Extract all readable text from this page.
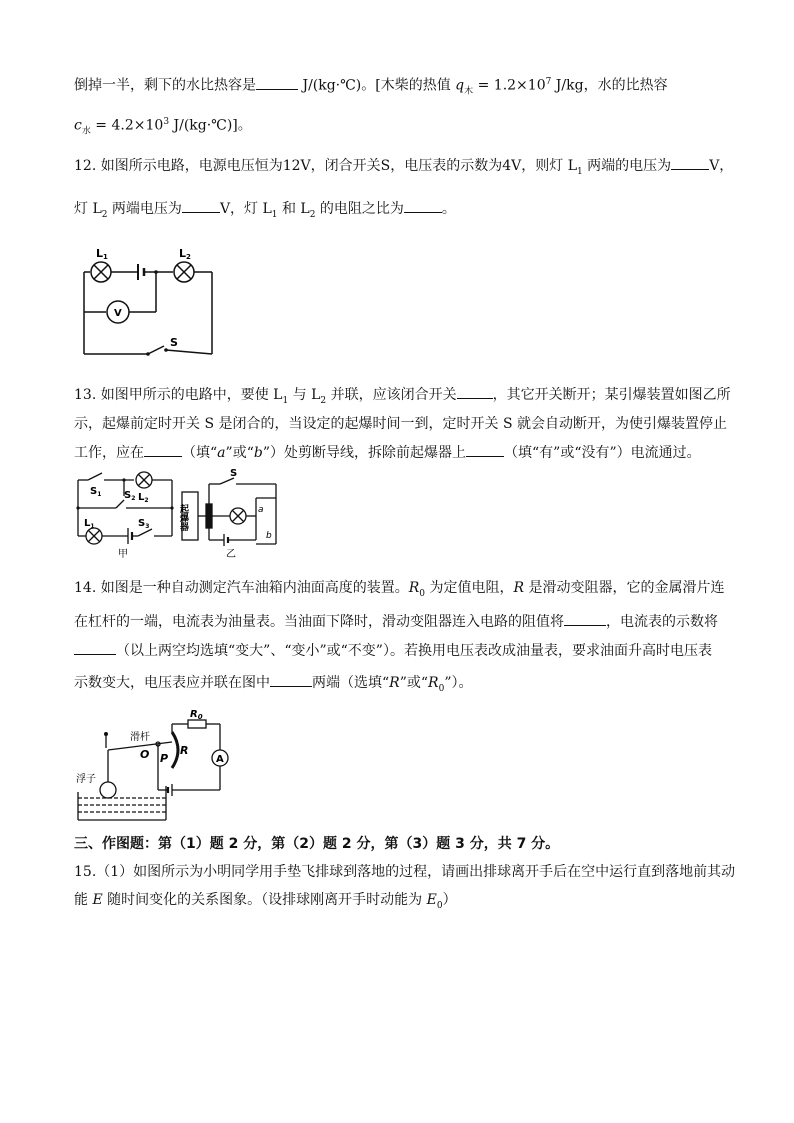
倒掉一半，剩下的水比热容是	J/(kg·℃)。[木柴的热值 $q_木 = 1.2\times 10^7$ J/kg，水的比热容
$c_水 = 4.2\times 10^3$ J/(kg·℃)]。
12. 如图所示电路，电源电压恒为12V，闭合开关S，电压表的示数为4V，则灯 $L_1$ 两端的电压为	V，
灯 $L_2$ 两端电压为	V，灯 $L_1$ 和 $L_2$ 的电阻之比为	。
L1	L2
V
S
13. 如图甲所示的电路中，要使 $L_1$ 与 $L_2$ 并联，应该闭合开关	，其它开关断开；某引爆装置如图乙所
示，起爆前定时开关 S 是闭合的，当设定的起爆时间一到，定时开关 S 就会自动断开，为使引爆装置停止
工作，应在	（填“a”或“b”）处剪断导线，拆除前起爆器上	（填“有”或“没有”）电流通过。
$S_1$ $S_2$ $L_2$
$L_1$	$S_3$
甲
S
起爆器	a
b
乙
14. 如图是一种自动测定汽车油箱内油面高度的装置。$R_0$ 为定值电阻，R 是滑动变阻器，它的金属滑片连
在杠杆的一端，电流表为油量表。当油面下降时，滑动变阻器连入电路的阻值将	，电流表的示数将
（以上两空均选填“变大”、“变小”或“不变”）。若换用电压表改成油量表，要求油面升高时电压表
示数变大，电压表应并联在图中	两端（选填“R”或“$R_0$”）。
$R_0$
滑杆
R
O P	A
浮子
三、作图题：第（1）题 2 分，第（2）题 2 分，第（3）题 3 分，共 7 分。
15.（1）如图所示为小明同学用手垫飞排球到落地的过程，请画出排球离开手后在空中运行直到落地前其动
能 E 随时间变化的关系图象。（设排球刚离开手时动能为 $E_0$）
